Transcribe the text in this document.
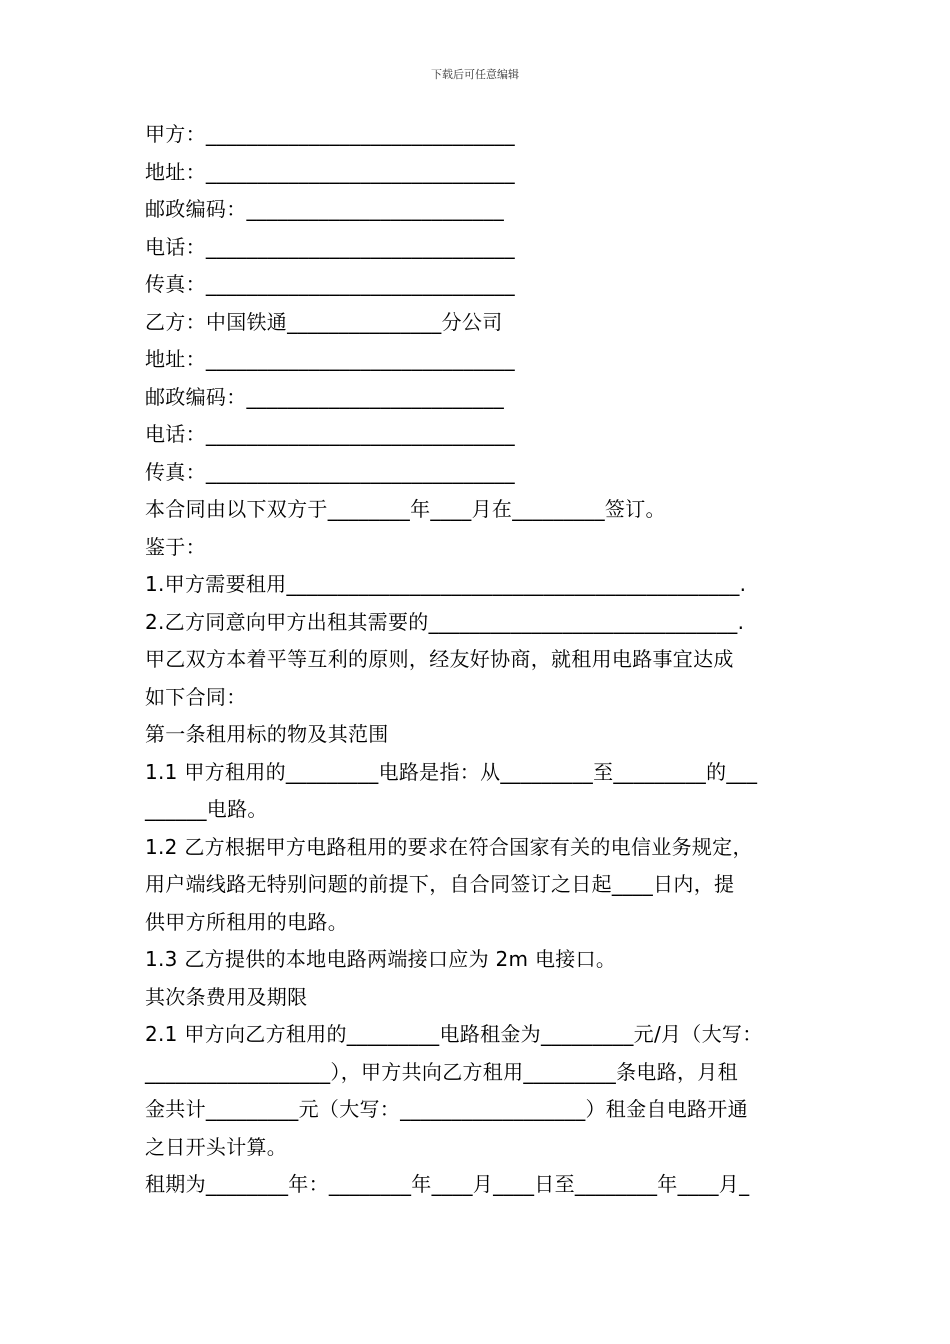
下载后可任意编辑
甲方：______________________________
地址：______________________________
邮政编码：_________________________
电话：______________________________
传真：______________________________
乙方：中国铁通_______________分公司
地址：______________________________
邮政编码：_________________________
电话：______________________________
传真：______________________________
本合同由以下双方于________年____月在_________签订。
鉴于：
1.甲方需要租用____________________________________________.
2.乙方同意向甲方出租其需要的______________________________.
甲乙双方本着平等互利的原则，经友好协商，就租用电路事宜达成
如下合同：
第一条租用标的物及其范围
1.1 甲方租用的_________电路是指：从_________至_________的___
______电路。
1.2 乙方根据甲方电路租用的要求在符合国家有关的电信业务规定，
用户端线路无特别问题的前提下，自合同签订之日起____日内，提
供甲方所租用的电路。
1.3 乙方提供的本地电路两端接口应为 2m 电接口。
其次条费用及期限
2.1 甲方向乙方租用的_________电路租金为_________元/月（大写：
__________________），甲方共向乙方租用_________条电路，月租
金共计_________元（大写：__________________）租金自电路开通
之日开头计算。
租期为________年：________年____月____日至________年____月_
